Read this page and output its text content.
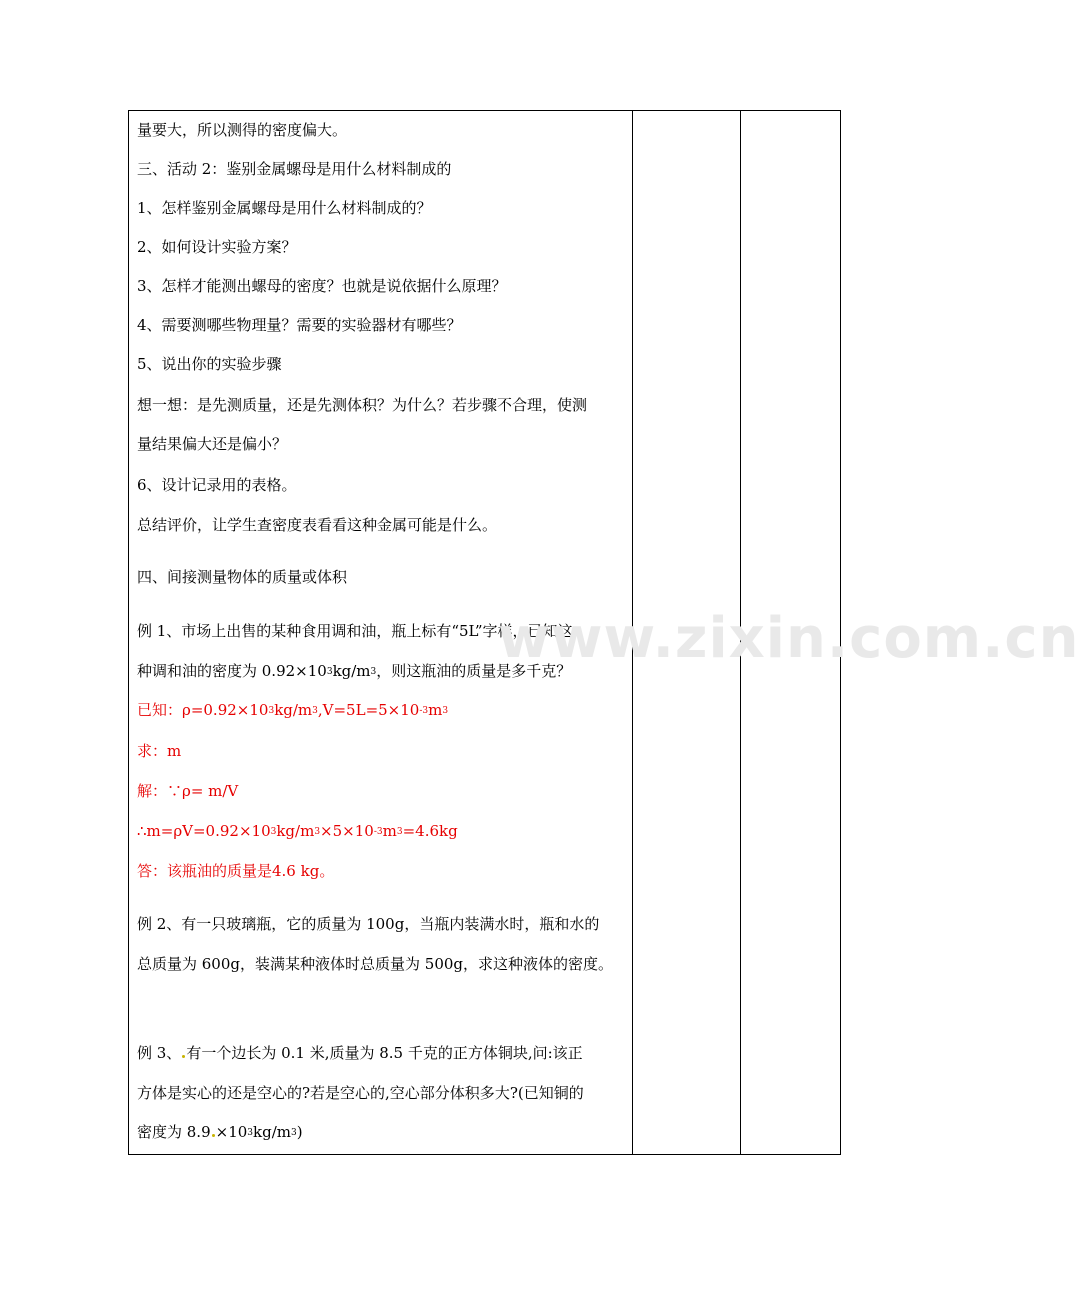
量要大，所以测得的密度偏大。
三、活动 2：鉴别金属螺母是用什么材料制成的
1、怎样鉴别金属螺母是用什么材料制成的？
2、如何设计实验方案？
3、怎样才能测出螺母的密度？也就是说依据什么原理？
4、需要测哪些物理量？需要的实验器材有哪些？
5、说出你的实验步骤
想一想：是先测质量，还是先测体积？为什么？若步骤不合理，使测
量结果偏大还是偏小？
6、设计记录用的表格。
总结评价，让学生查密度表看看这种金属可能是什么。
四、间接测量物体的质量或体积
例 1、市场上出售的某种食用调和油，瓶上标有“5L”字样，已知这
种调和油的密度为 $0.92\times 10^3kg/m^3$，则这瓶油的质量是多千克？
已知：$\rho=0.92\times 10^3kg/m^3,V=5L=5\times 10^{-3}m^3$
求：m
解：∵ρ= m/V
$\therefore m=\rho V=0.92\times 10^3kg/m^3\times 5\times 10^{-3}m^3=4.6kg$
答：该瓶油的质量是4.6 kg。
例 2、有一只玻璃瓶，它的质量为 100g，当瓶内装满水时，瓶和水的
总质量为 600g，装满某种液体时总质量为 500g，求这种液体的密度。
例 3、 有一个边长为 0.1 米,质量为 8.5 千克的正方体铜块,问:该正
方体是实心的还是空心的?若是空心的,空心部分体积多大?(已知铜的
密度为 $8.9 \times 10^3kg/m^3$)

www.zixin.com.cn
